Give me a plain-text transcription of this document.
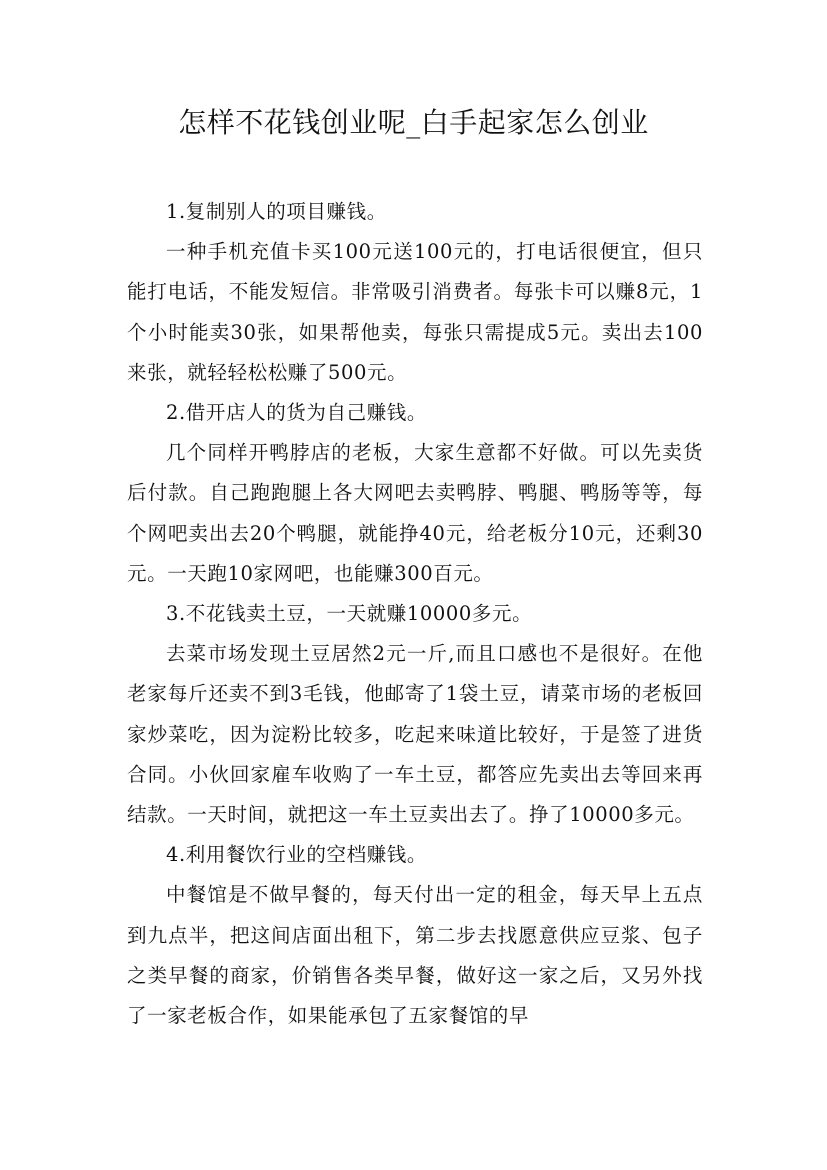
怎样不花钱创业呢_白手起家怎么创业

1.复制别人的项目赚钱。

一种手机充值卡买100元送100元的，打电话很便宜，但只能打电话，不能发短信。非常吸引消费者。每张卡可以赚8元，1个小时能卖30张，如果帮他卖，每张只需提成5元。卖出去100来张，就轻轻松松赚了500元。

2.借开店人的货为自己赚钱。

几个同样开鸭脖店的老板，大家生意都不好做。可以先卖货后付款。自己跑跑腿上各大网吧去卖鸭脖、鸭腿、鸭肠等等，每个网吧卖出去20个鸭腿，就能挣40元，给老板分10元，还剩30元。一天跑10家网吧，也能赚300百元。

3.不花钱卖土豆，一天就赚10000多元。

去菜市场发现土豆居然2元一斤,而且口感也不是很好。在他老家每斤还卖不到3毛钱，他邮寄了1袋土豆，请菜市场的老板回家炒菜吃，因为淀粉比较多，吃起来味道比较好，于是签了进货合同。小伙回家雇车收购了一车土豆，都答应先卖出去等回来再结款。一天时间，就把这一车土豆卖出去了。挣了10000多元。

4.利用餐饮行业的空档赚钱。

中餐馆是不做早餐的，每天付出一定的租金，每天早上五点到九点半，把这间店面出租下，第二步去找愿意供应豆浆、包子之类早餐的商家，价销售各类早餐，做好这一家之后，又另外找了一家老板合作，如果能承包了五家餐馆的早
